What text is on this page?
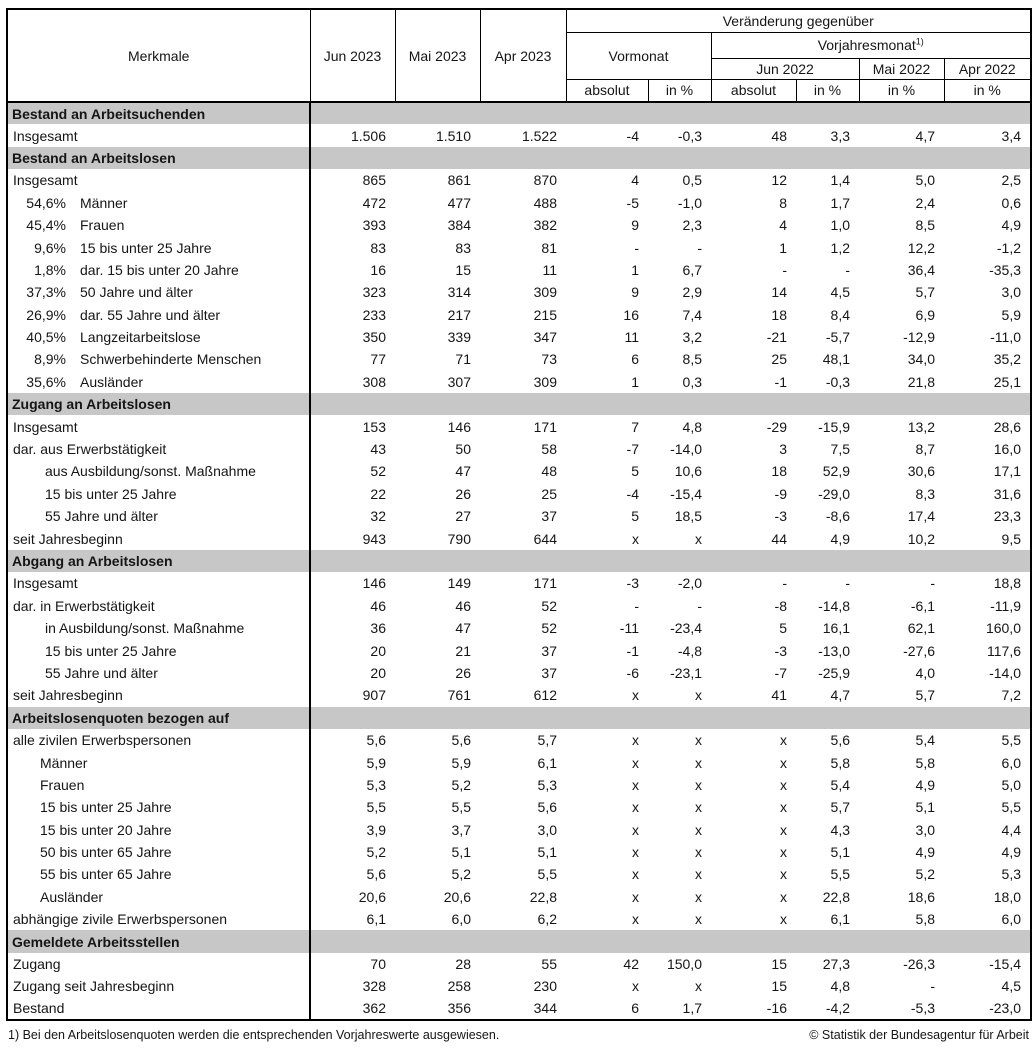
Merkmale	Jun 2023	Mai 2023	Apr 2023	Veränderung gegenüber					
				Vormonat		Vorjahresmonat$^{1)}$
						Jun 2022		Mai 2022	Apr 2022
				absolut	in %	absolut	in %	in %	in %
Bestand an Arbeitsuchenden									
Insgesamt	1.506	1.510	1.522	-4	-0,3	48	3,3	4,7	3,4
Bestand an Arbeitslosen									
Insgesamt	865	861	870	4	0,5	12	1,4	5,0	2,5
54,6% Männer	472	477	488	-5	-1,0	8	1,7	2,4	0,6
45,4% Frauen	393	384	382	9	2,3	4	1,0	8,5	4,9
9,6% 15 bis unter 25 Jahre	83	83	81	-	-	1	1,2	12,2	-1,2
1,8% dar. 15 bis unter 20 Jahre	16	15	11	1	6,7	-	-	36,4	-35,3
37,3% 50 Jahre und älter	323	314	309	9	2,9	14	4,5	5,7	3,0
26,9% dar. 55 Jahre und älter	233	217	215	16	7,4	18	8,4	6,9	5,9
40,5% Langzeitarbeitslose	350	339	347	11	3,2	-21	-5,7	-12,9	-11,0
8,9% Schwerbehinderte Menschen	77	71	73	6	8,5	25	48,1	34,0	35,2
35,6% Ausländer	308	307	309	1	0,3	-1	-0,3	21,8	25,1
Zugang an Arbeitslosen									
Insgesamt	153	146	171	7	4,8	-29	-15,9	13,2	28,6
dar. aus Erwerbstätigkeit	43	50	58	-7	-14,0	3	7,5	8,7	16,0
aus Ausbildung/sonst. Maßnahme	52	47	48	5	10,6	18	52,9	30,6	17,1
15 bis unter 25 Jahre	22	26	25	-4	-15,4	-9	-29,0	8,3	31,6
55 Jahre und älter	32	27	37	5	18,5	-3	-8,6	17,4	23,3
seit Jahresbeginn	943	790	644	x	x	44	4,9	10,2	9,5
Abgang an Arbeitslosen									
Insgesamt	146	149	171	-3	-2,0	-	-	-	18,8
dar. in Erwerbstätigkeit	46	46	52	-	-	-8	-14,8	-6,1	-11,9
in Ausbildung/sonst. Maßnahme	36	47	52	-11	-23,4	5	16,1	62,1	160,0
15 bis unter 25 Jahre	20	21	37	-1	-4,8	-3	-13,0	-27,6	117,6
55 Jahre und älter	20	26	37	-6	-23,1	-7	-25,9	4,0	-14,0
seit Jahresbeginn	907	761	612	x	x	41	4,7	5,7	7,2
Arbeitslosenquoten bezogen auf									
alle zivilen Erwerbspersonen	5,6	5,6	5,7	x	x	x	5,6	5,4	5,5
Männer	5,9	5,9	6,1	x	x	x	5,8	5,8	6,0
Frauen	5,3	5,2	5,3	x	x	x	5,4	4,9	5,0
15 bis unter 25 Jahre	5,5	5,5	5,6	x	x	x	5,7	5,1	5,5
15 bis unter 20 Jahre	3,9	3,7	3,0	x	x	x	4,3	3,0	4,4
50 bis unter 65 Jahre	5,2	5,1	5,1	x	x	x	5,1	4,9	4,9
55 bis unter 65 Jahre	5,6	5,2	5,5	x	x	x	5,5	5,2	5,3
Ausländer	20,6	20,6	22,8	x	x	x	22,8	18,6	18,0
abhängige zivile Erwerbspersonen	6,1	6,0	6,2	x	x	x	6,1	5,8	6,0
Gemeldete Arbeitsstellen									
Zugang	70	28	55	42	150,0	15	27,3	-26,3	-15,4
Zugang seit Jahresbeginn	328	258	230	x	x	15	4,8	-	4,5
Bestand	362	356	344	6	1,7	-16	-4,2	-5,3	-23,0
1) Bei den Arbeitslosenquoten werden die entsprechenden Vorjahreswerte ausgewiesen.	© Statistik der Bundesagentur für Arbeit
